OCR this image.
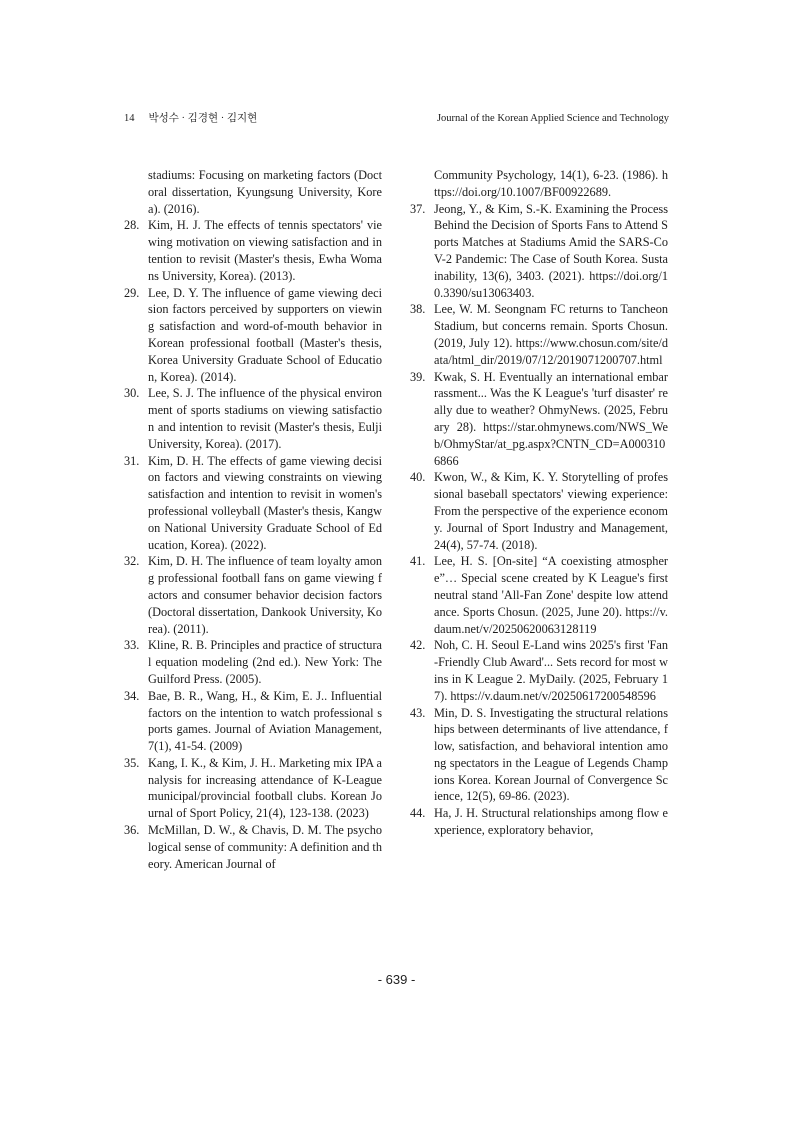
14 박성수 · 김경현 · 김지현	Journal of the Korean Applied Science and Technology

stadiums: Focusing on marketing factors (Doctoral dissertation, Kyungsung University, Korea). (2016).

28. Kim, H. J. The effects of tennis spectators' viewing motivation on viewing satisfaction and intention to revisit (Master's thesis, Ewha Womans University, Korea). (2013).

29. Lee, D. Y. The influence of game viewing decision factors perceived by supporters on viewing satisfaction and word-of-mouth behavior in Korean professional football (Master's thesis, Korea University Graduate School of Education, Korea). (2014).

30. Lee, S. J. The influence of the physical environment of sports stadiums on viewing satisfaction and intention to revisit (Master's thesis, Eulji University, Korea). (2017).

31. Kim, D. H. The effects of game viewing decision factors and viewing constraints on viewing satisfaction and intention to revisit in women's professional volleyball (Master's thesis, Kangwon National University Graduate School of Education, Korea). (2022).

32. Kim, D. H. The influence of team loyalty among professional football fans on game viewing factors and consumer behavior decision factors (Doctoral dissertation, Dankook University, Korea). (2011).

33. Kline, R. B. Principles and practice of structural equation modeling (2nd ed.). New York: The Guilford Press. (2005).

34. Bae, B. R., Wang, H., & Kim, E. J.. Influential factors on the intention to watch professional sports games. Journal of Aviation Management, 7(1), 41-54. (2009)

35. Kang, I. K., & Kim, J. H.. Marketing mix IPA analysis for increasing attendance of K-League municipal/provincial football clubs. Korean Journal of Sport Policy, 21(4), 123-138. (2023)

36. McMillan, D. W., & Chavis, D. M. The psychological sense of community: A definition and theory. American Journal of

Community Psychology, 14(1), 6-23. (1986). https://doi.org/10.1007/BF00922689.

37. Jeong, Y., & Kim, S.-K. Examining the Process Behind the Decision of Sports Fans to Attend Sports Matches at Stadiums Amid the SARS-CoV-2 Pandemic: The Case of South Korea. Sustainability, 13(6), 3403. (2021). https://doi.org/10.3390/su13063403.

38. Lee, W. M. Seongnam FC returns to Tancheon Stadium, but concerns remain. Sports Chosun. (2019, July 12). https://www.chosun.com/site/data/html_dir/2019/07/12/2019071200707.html

39. Kwak, S. H. Eventually an international embarrassment... Was the K League's 'turf disaster' really due to weather? OhmyNews. (2025, February 28). https://star.ohmynews.com/NWS_Web/OhmyStar/at_pg.aspx?CNTN_CD=A0003106866

40. Kwon, W., & Kim, K. Y. Storytelling of professional baseball spectators' viewing experience: From the perspective of the experience economy. Journal of Sport Industry and Management, 24(4), 57-74. (2018).

41. Lee, H. S. [On-site] “A coexisting atmosphere”… Special scene created by K League's first neutral stand 'All-Fan Zone' despite low attendance. Sports Chosun. (2025, June 20). https://v.daum.net/v/20250620063128119

42. Noh, C. H. Seoul E-Land wins 2025's first 'Fan-Friendly Club Award'... Sets record for most wins in K League 2. MyDaily. (2025, February 17). https://v.daum.net/v/20250617200548596

43. Min, D. S. Investigating the structural relationships between determinants of live attendance, flow, satisfaction, and behavioral intention among spectators in the League of Legends Champions Korea. Korean Journal of Convergence Science, 12(5), 69-86. (2023).

44. Ha, J. H. Structural relationships among flow experience, exploratory behavior,

- 639 -
